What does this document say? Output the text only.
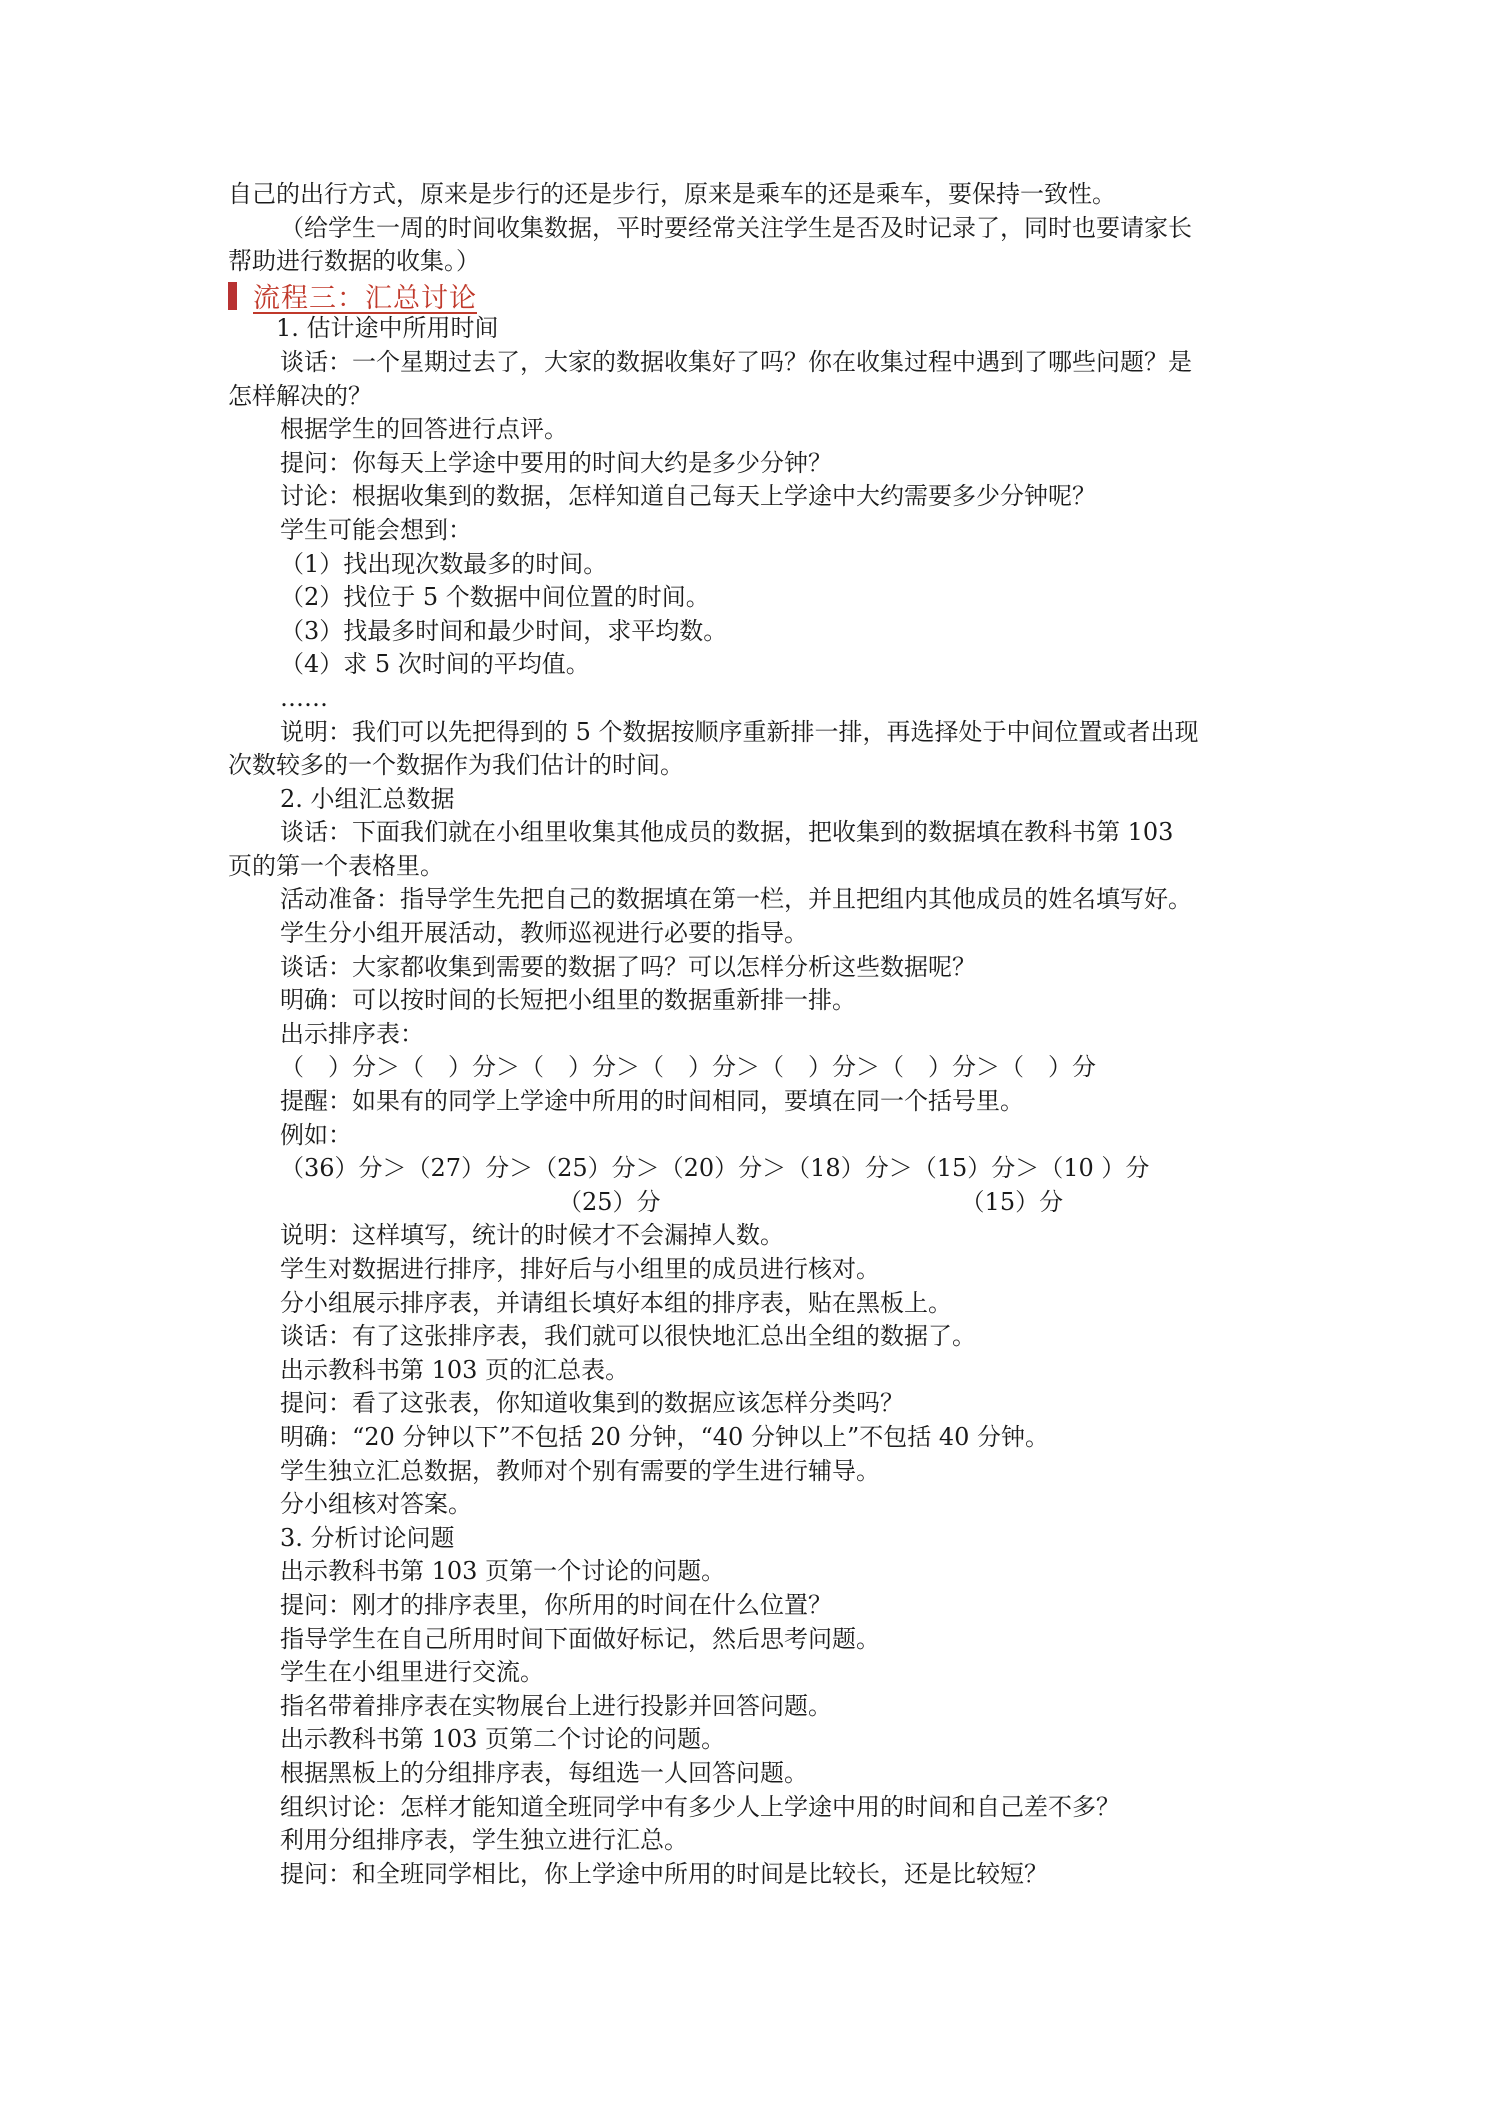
自己的出行方式，原来是步行的还是步行，原来是乘车的还是乘车，要保持一致性。
（给学生一周的时间收集数据，平时要经常关注学生是否及时记录了，同时也要请家长
帮助进行数据的收集。）
流程三：汇总讨论
1. 估计途中所用时间
谈话：一个星期过去了，大家的数据收集好了吗？你在收集过程中遇到了哪些问题？是
怎样解决的？
根据学生的回答进行点评。
提问：你每天上学途中要用的时间大约是多少分钟？
讨论：根据收集到的数据，怎样知道自己每天上学途中大约需要多少分钟呢？
学生可能会想到：
（1）找出现次数最多的时间。
（2）找位于 5 个数据中间位置的时间。
（3）找最多时间和最少时间，求平均数。
（4）求 5 次时间的平均值。
……
说明：我们可以先把得到的 5 个数据按顺序重新排一排，再选择处于中间位置或者出现
次数较多的一个数据作为我们估计的时间。
2. 小组汇总数据
谈话：下面我们就在小组里收集其他成员的数据，把收集到的数据填在教科书第 103
页的第一个表格里。
活动准备：指导学生先把自己的数据填在第一栏，并且把组内其他成员的姓名填写好。
学生分小组开展活动，教师巡视进行必要的指导。
谈话：大家都收集到需要的数据了吗？可以怎样分析这些数据呢？
明确：可以按时间的长短把小组里的数据重新排一排。
出示排序表：
（　）分＞（　）分＞（　）分＞（　）分＞（　）分＞（　）分＞（　）分
提醒：如果有的同学上学途中所用的时间相同，要填在同一个括号里。
例如：
（36）分＞（27）分＞（25）分＞（20）分＞（18）分＞（15）分＞（10 ）分
（25）分	（15）分
说明：这样填写，统计的时候才不会漏掉人数。
学生对数据进行排序，排好后与小组里的成员进行核对。
分小组展示排序表，并请组长填好本组的排序表，贴在黑板上。
谈话：有了这张排序表，我们就可以很快地汇总出全组的数据了。
出示教科书第 103 页的汇总表。
提问：看了这张表，你知道收集到的数据应该怎样分类吗？
明确：“20 分钟以下”不包括 20 分钟，“40 分钟以上”不包括 40 分钟。
学生独立汇总数据，教师对个别有需要的学生进行辅导。
分小组核对答案。
3. 分析讨论问题
出示教科书第 103 页第一个讨论的问题。
提问：刚才的排序表里，你所用的时间在什么位置？
指导学生在自己所用时间下面做好标记，然后思考问题。
学生在小组里进行交流。
指名带着排序表在实物展台上进行投影并回答问题。
出示教科书第 103 页第二个讨论的问题。
根据黑板上的分组排序表，每组选一人回答问题。
组织讨论：怎样才能知道全班同学中有多少人上学途中用的时间和自己差不多？
利用分组排序表，学生独立进行汇总。
提问：和全班同学相比，你上学途中所用的时间是比较长，还是比较短？
